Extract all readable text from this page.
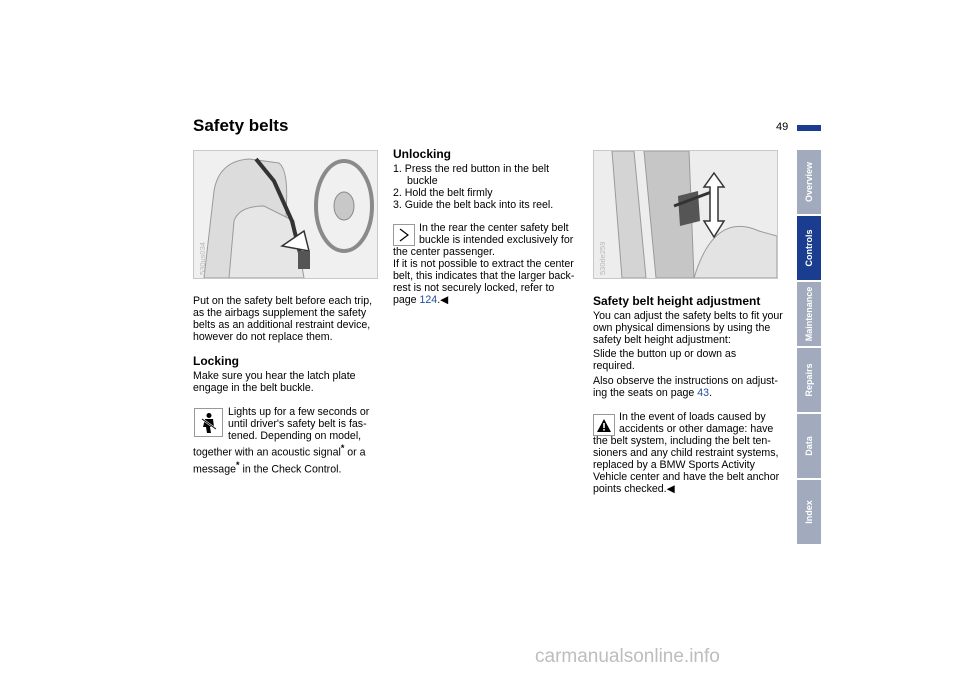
Safety belts	49
530us034
Put on the safety belt before each trip, as the airbags supplement the safety belts as an additional restraint device, however do not replace them.
Locking
Make sure you hear the latch plate engage in the belt buckle.
Lights up for a few seconds or
until driver's safety belt is fas-
tened. Depending on model,
together with an acoustic signal* or a
message* in the Check Control.
Unlocking
1. Press the red button in the belt
buckle
2. Hold the belt firmly
3. Guide the belt back into its reel.
In the rear the center safety belt
buckle is intended exclusively for
the center passenger.
If it is not possible to extract the center
belt, this indicates that the larger back-
rest is not securely locked, refer to
page 124.◀
530de259
Safety belt height adjustment
You can adjust the safety belts to fit your own physical dimensions by using the safety belt height adjustment:
Slide the button up or down as required.
Also observe the instructions on adjust-ing the seats on page 43.
In the event of loads caused by
accidents or other damage: have
the belt system, including the belt ten-
sioners and any child restraint systems,
replaced by a BMW Sports Activity
Vehicle center and have the belt anchor
points checked.◀
Overview
Controls
Maintenance
Repairs
Data
Index
carmanualsonline.info
